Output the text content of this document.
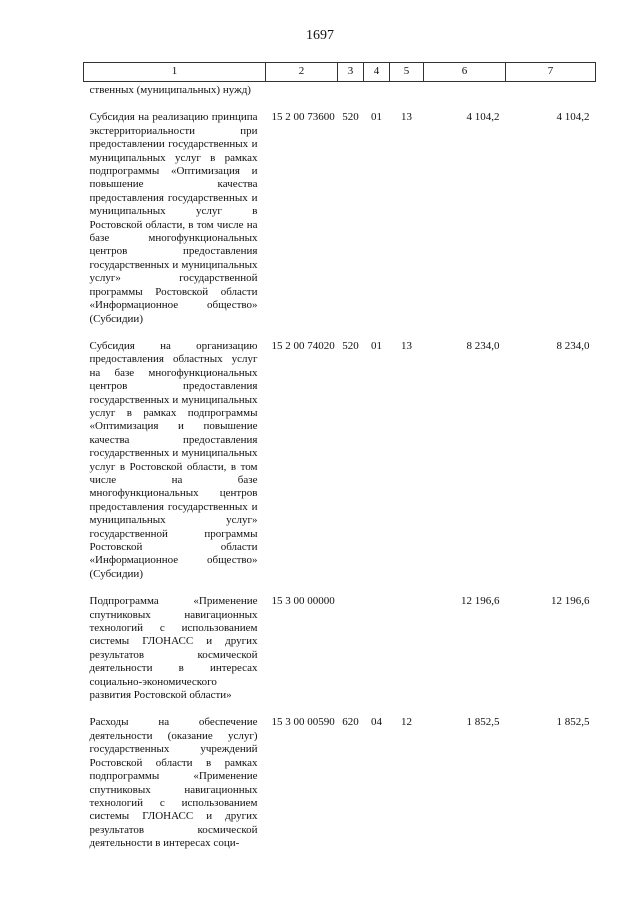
1697
1	2	3	4	5	6	7
ственных (муниципальных) нужд)						
Субсидия на реализацию принципа экстерриториальности при предоставлении государственных и муниципальных услуг в рамках подпрограммы «Оптимизация и повышение качества предоставления государственных и муниципальных услуг в Ростовской области, в том числе на базе многофункциональных центров предоставления государственных и муниципальных услуг» государственной программы Ростовской области «Информационное общество» (Субсидии)	15 2 00 73600	520	01	13	4 104,2	4 104,2
Субсидия на организацию предоставления областных услуг на базе многофункциональных центров предоставления государственных и муниципальных услуг в рамках подпрограммы «Оптимизация и повышение качества предоставления государственных и муниципальных услуг в Ростовской области, в том числе на базе многофункциональных центров предоставления государственных и муниципальных услуг» государственной программы Ростовской области «Информационное общество» (Субсидии)	15 2 00 74020	520	01	13	8 234,0	8 234,0
Подпрограмма «Применение спутниковых навигационных технологий с использованием системы ГЛОНАСС и других результатов космической деятельности в интересах социально-экономического развития Ростовской области»	15 3 00 00000				12 196,6	12 196,6
Расходы на обеспечение деятельности (оказание услуг) государственных учреждений Ростовской области в рамках подпрограммы «Применение спутниковых навигационных технологий с использованием системы ГЛОНАСС и других результатов космической деятельности в интересах соци-	15 3 00 00590	620	04	12	1 852,5	1 852,5
